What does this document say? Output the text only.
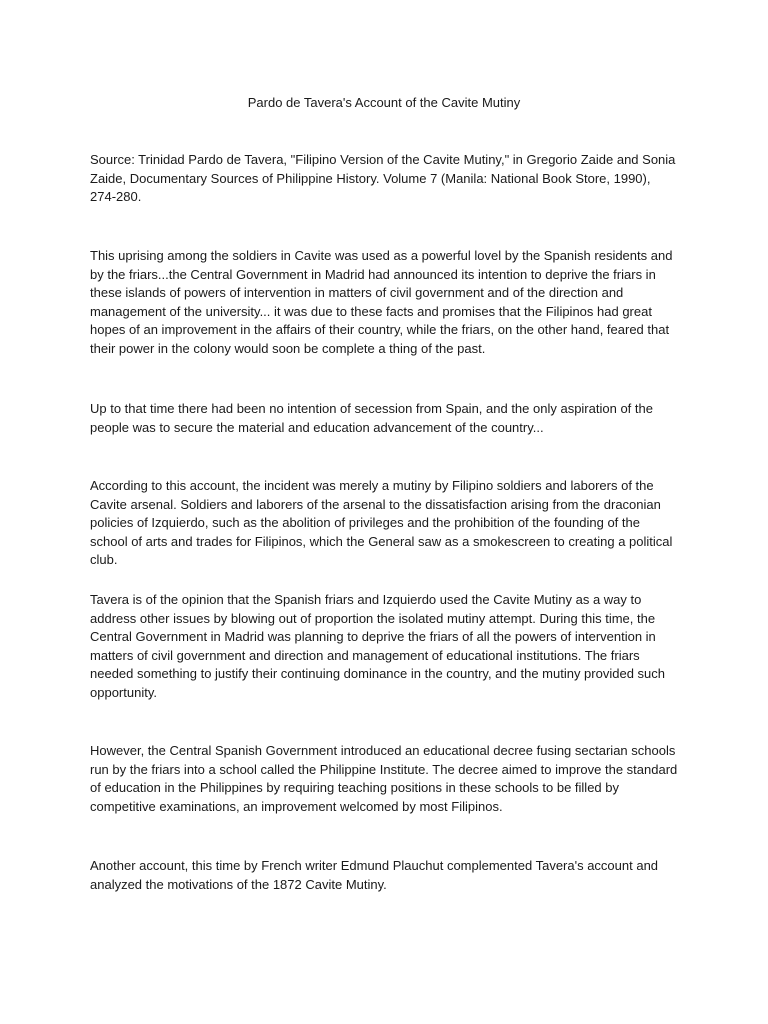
Pardo de Tavera's Account of the Cavite Mutiny

Source: Trinidad Pardo de Tavera, "Filipino Version of the Cavite Mutiny," in Gregorio Zaide and Sonia Zaide, Documentary Sources of Philippine History. Volume 7 (Manila: National Book Store, 1990), 274-280.

This uprising among the soldiers in Cavite was used as a powerful lovel by the Spanish residents and by the friars...the Central Government in Madrid had announced its intention to deprive the friars in these islands of powers of intervention in matters of civil government and of the direction and management of the university... it was due to these facts and promises that the Filipinos had great hopes of an improvement in the affairs of their country, while the friars, on the other hand, feared that their power in the colony would soon be complete a thing of the past.

Up to that time there had been no intention of secession from Spain, and the only aspiration of the people was to secure the material and education advancement of the country...

According to this account, the incident was merely a mutiny by Filipino soldiers and laborers of the Cavite arsenal. Soldiers and laborers of the arsenal to the dissatisfaction arising from the draconian policies of Izquierdo, such as the abolition of privileges and the prohibition of the founding of the school of arts and trades for Filipinos, which the General saw as a smokescreen to creating a political club.

Tavera is of the opinion that the Spanish friars and Izquierdo used the Cavite Mutiny as a way to address other issues by blowing out of proportion the isolated mutiny attempt. During this time, the Central Government in Madrid was planning to deprive the friars of all the powers of intervention in matters of civil government and direction and management of educational institutions. The friars needed something to justify their continuing dominance in the country, and the mutiny provided such opportunity.

However, the Central Spanish Government introduced an educational decree fusing sectarian schools run by the friars into a school called the Philippine Institute. The decree aimed to improve the standard of education in the Philippines by requiring teaching positions in these schools to be filled by competitive examinations, an improvement welcomed by most Filipinos.

Another account, this time by French writer Edmund Plauchut complemented Tavera's account and analyzed the motivations of the 1872 Cavite Mutiny.
